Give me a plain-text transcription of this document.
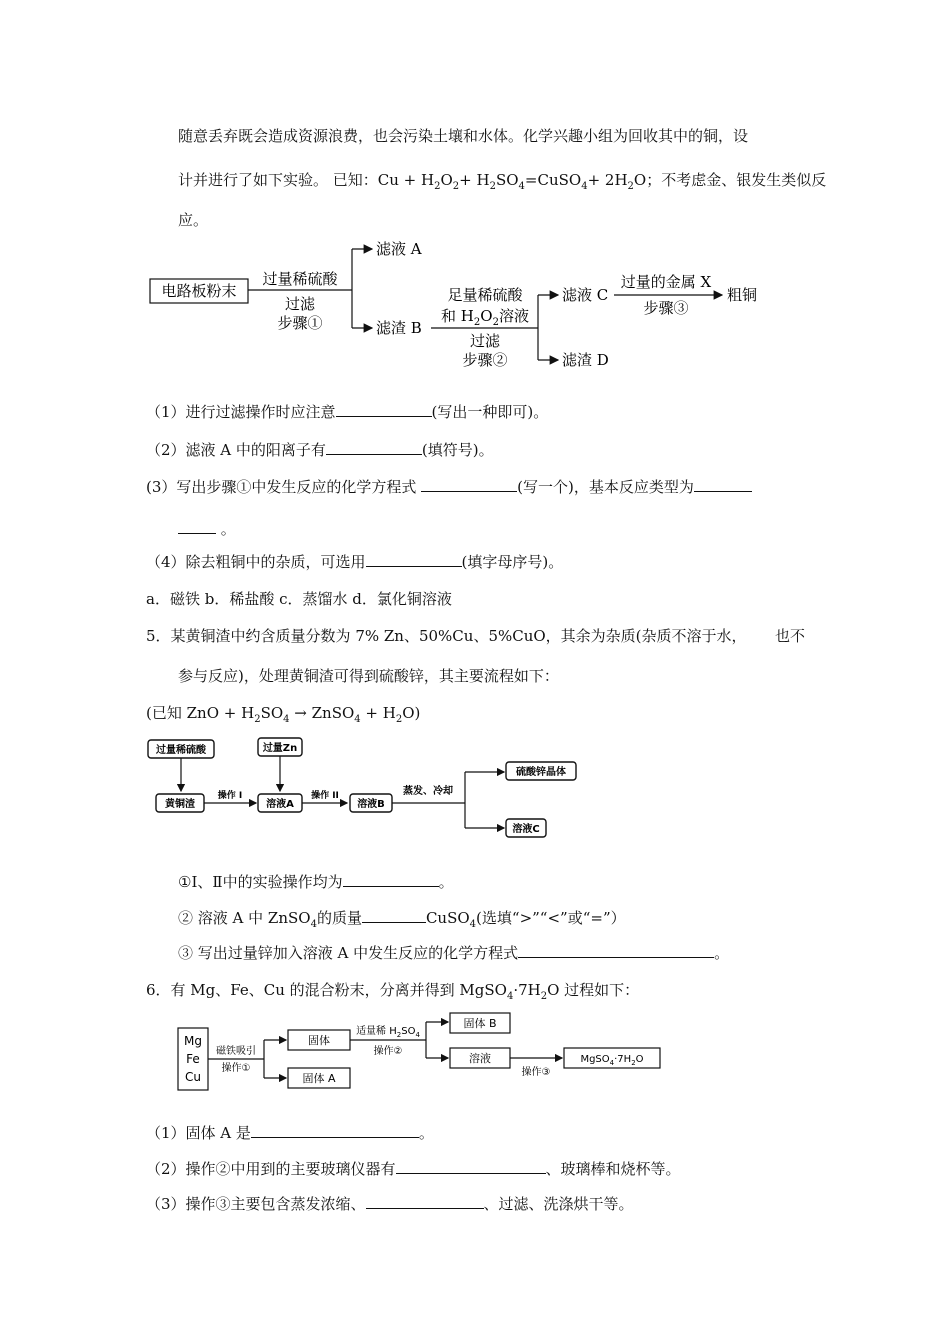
随意丢弃既会造成资源浪费，也会污染土壤和水体。化学兴趣小组为回收其中的铜，设
计并进行了如下实验。 已知：$Cu + H_2O_2+$ $H_2SO_4=CuSO_4+ 2H_2O$；不考虑金、银发生类似反
应。
电路板粉末
过量稀硫酸
过滤
步骤①
滤液 A
滤渣 B
足量稀硫酸
和 $H_2O_2$溶液
过滤
步骤②
滤液 C
滤渣 D
过量的金属 X
步骤③
粗铜
（1）进行过滤操作时应注意	(写出一种即可)。
（2）滤液 A 中的阳离子有	(填符号)。
(3）写出步骤①中发生反应的化学方程式	(写一个)，基本反应类型为
。
（4）除去粗铜中的杂质，可选用	(填字母序号)。
a．磁铁 b．稀盐酸 c．蒸馏水 d．氯化铜溶液
5．某黄铜渣中约含质量分数为 7% Zn、50%Cu、5%CuO，其余为杂质(杂质不溶于水， 也不
参与反应)，处理黄铜渣可得到硫酸锌，其主要流程如下：
(已知 ZnO + $H_2SO_4$ → ZnSO$_4$ + $H_2O$)
过量稀硫酸	过量Zn
黄铜渣
操作 I
溶液A
操作 II
溶液B
蒸发、冷却
硫酸锌晶体
溶液C
①Ⅰ、Ⅱ中的实验操作均为	。
② 溶液 A 中 ZnSO$_4$的质量	CuSO$_4$(选填“>”“<”或“=”）
③ 写出过量锌加入溶液 A 中发生反应的化学方程式	。
6．有 Mg、Fe、Cu 的混合粉末，分离并得到 $MgSO_4\cdot 7H_2O$ 过程如下：
Mg
Fe
Cu
磁铁吸引
操作①
固体
固体 A
适量稀 $H_2SO_4$
操作②
固体 B
溶液
操作③
$MgSO_4\cdot 7H_2O$
（1）固体 A 是	。
（2）操作②中用到的主要玻璃仪器有	、玻璃棒和烧杯等。
（3）操作③主要包含蒸发浓缩、	、过滤、洗涤烘干等。
